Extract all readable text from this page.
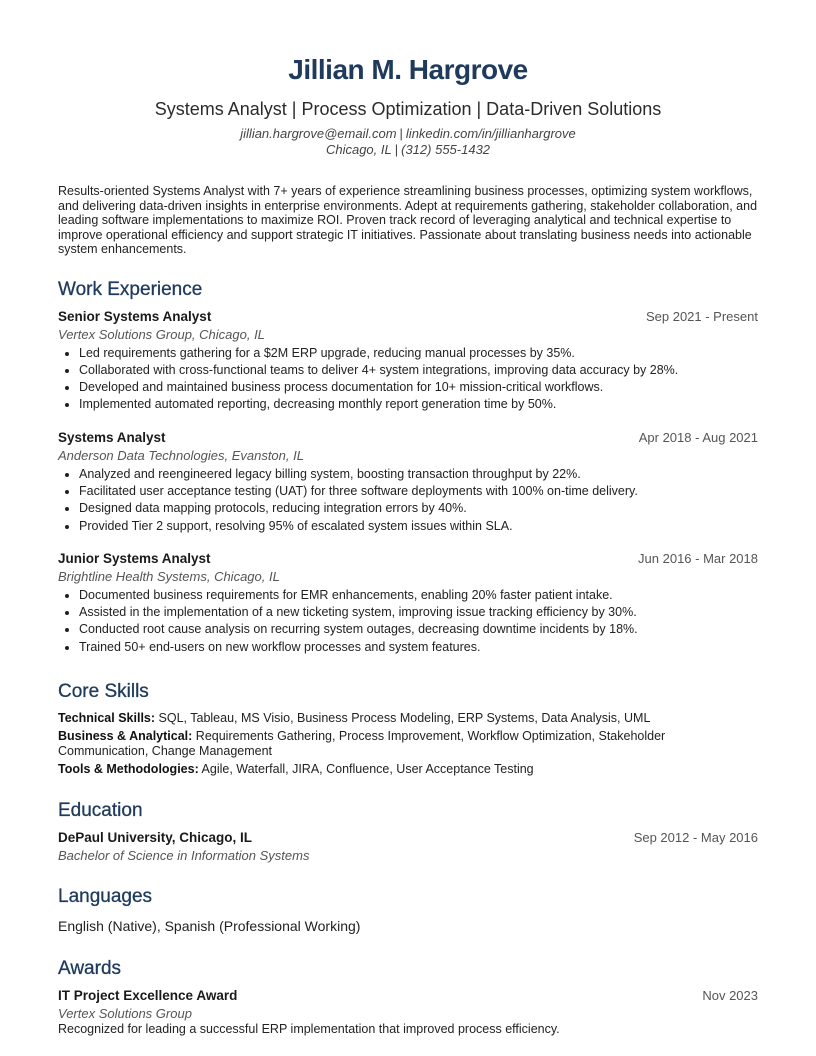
Jillian M. Hargrove
Systems Analyst | Process Optimization | Data-Driven Solutions
jillian.hargrove@email.com | linkedin.com/in/jillianhargrove
Chicago, IL | (312) 555-1432
Results-oriented Systems Analyst with 7+ years of experience streamlining business processes, optimizing system workflows, and delivering data-driven insights in enterprise environments. Adept at requirements gathering, stakeholder collaboration, and leading software implementations to maximize ROI. Proven track record of leveraging analytical and technical expertise to improve operational efficiency and support strategic IT initiatives. Passionate about translating business needs into actionable system enhancements.
Work Experience
Senior Systems Analyst	Sep 2021 - Present
Vertex Solutions Group, Chicago, IL
• Led requirements gathering for a $2M ERP upgrade, reducing manual processes by 35%.
• Collaborated with cross-functional teams to deliver 4+ system integrations, improving data accuracy by 28%.
• Developed and maintained business process documentation for 10+ mission-critical workflows.
• Implemented automated reporting, decreasing monthly report generation time by 50%.
Systems Analyst	Apr 2018 - Aug 2021
Anderson Data Technologies, Evanston, IL
• Analyzed and reengineered legacy billing system, boosting transaction throughput by 22%.
• Facilitated user acceptance testing (UAT) for three software deployments with 100% on-time delivery.
• Designed data mapping protocols, reducing integration errors by 40%.
• Provided Tier 2 support, resolving 95% of escalated system issues within SLA.
Junior Systems Analyst	Jun 2016 - Mar 2018
Brightline Health Systems, Chicago, IL
• Documented business requirements for EMR enhancements, enabling 20% faster patient intake.
• Assisted in the implementation of a new ticketing system, improving issue tracking efficiency by 30%.
• Conducted root cause analysis on recurring system outages, decreasing downtime incidents by 18%.
• Trained 50+ end-users on new workflow processes and system features.
Core Skills
Technical Skills: SQL, Tableau, MS Visio, Business Process Modeling, ERP Systems, Data Analysis, UML
Business & Analytical: Requirements Gathering, Process Improvement, Workflow Optimization, Stakeholder Communication, Change Management
Tools & Methodologies: Agile, Waterfall, JIRA, Confluence, User Acceptance Testing
Education
DePaul University, Chicago, IL	Sep 2012 - May 2016
Bachelor of Science in Information Systems
Languages
English (Native), Spanish (Professional Working)
Awards
IT Project Excellence Award	Nov 2023
Vertex Solutions Group
Recognized for leading a successful ERP implementation that improved process efficiency.
